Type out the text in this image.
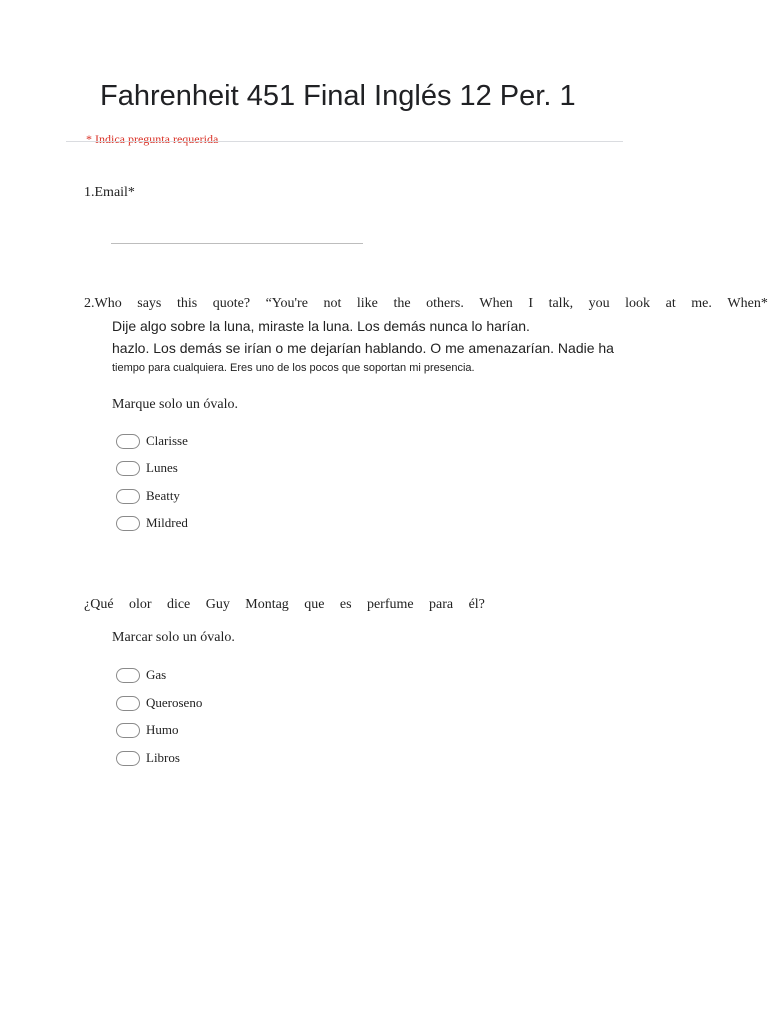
Fahrenheit 451 Final Inglés 12 Per. 1
* Indica pregunta requerida
1.Email*
2.Who says this quote? “You're not like the others. When I talk, you look at me. When*
Dije algo sobre la luna, miraste la luna. Los demás nunca lo harían.
hazlo. Los demás se irían o me dejarían hablando. O me amenazarían. Nadie ha
tiempo para cualquiera. Eres uno de los pocos que soportan mi presencia.
Marque solo un óvalo.
Clarisse
Lunes
Beatty
Mildred
¿Qué olor dice Guy Montag que es perfume para él?
Marcar solo un óvalo.
Gas
Queroseno
Humo
Libros
